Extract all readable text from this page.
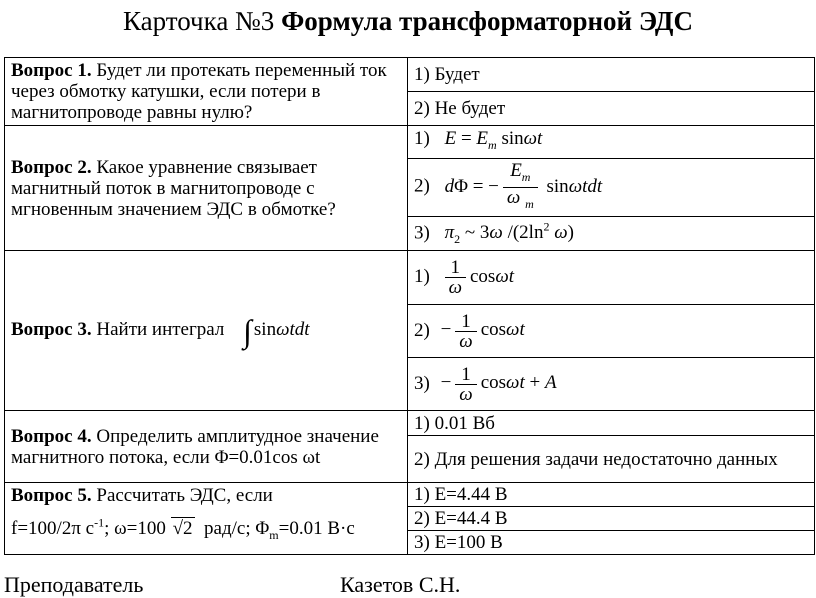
Карточка №3 Формула трансформаторной ЭДС
Вопрос 1. Будет ли протекать переменный ток через обмотку катушки, если потери в магнитопроводе равны нулю?	1) Будет
	2) Не будет
Вопрос 2. Какое уравнение связывает магнитный поток в магнитопроводе с мгновенным значением ЭДС в обмотке?	1) $E = E_m$ sinωt
	2) dΦ = − $\frac{E_m}{\omega _m}$ sinωtdt
	3) $\pi_2$ ~ 3ω $/(2\ln^2$ ω)
Вопрос 3. Найти интеграл ∫ sinωtdt	$1) \frac{1}{\omega}$ cosωt
	$2) - \frac{1}{\omega}$ cosωt
	$3) - \frac{1}{\omega}$ cosωt + A
Вопрос 4. Определить амплитудное значение магнитного потока, если Φ=0.01cos ωt	1) 0.01 Вб
	2) Для решения задачи недостаточно данных
Вопрос 5. Рассчитать ЭДС, если
f=100/2π $с^{-1}$; ω=100 √2  рад/с; $\Phi_m=0.01$ В·с	1) E=4.44 В
	2) E=44.4 В
	3) E=100 В
Преподаватель	Казетов С.Н.
